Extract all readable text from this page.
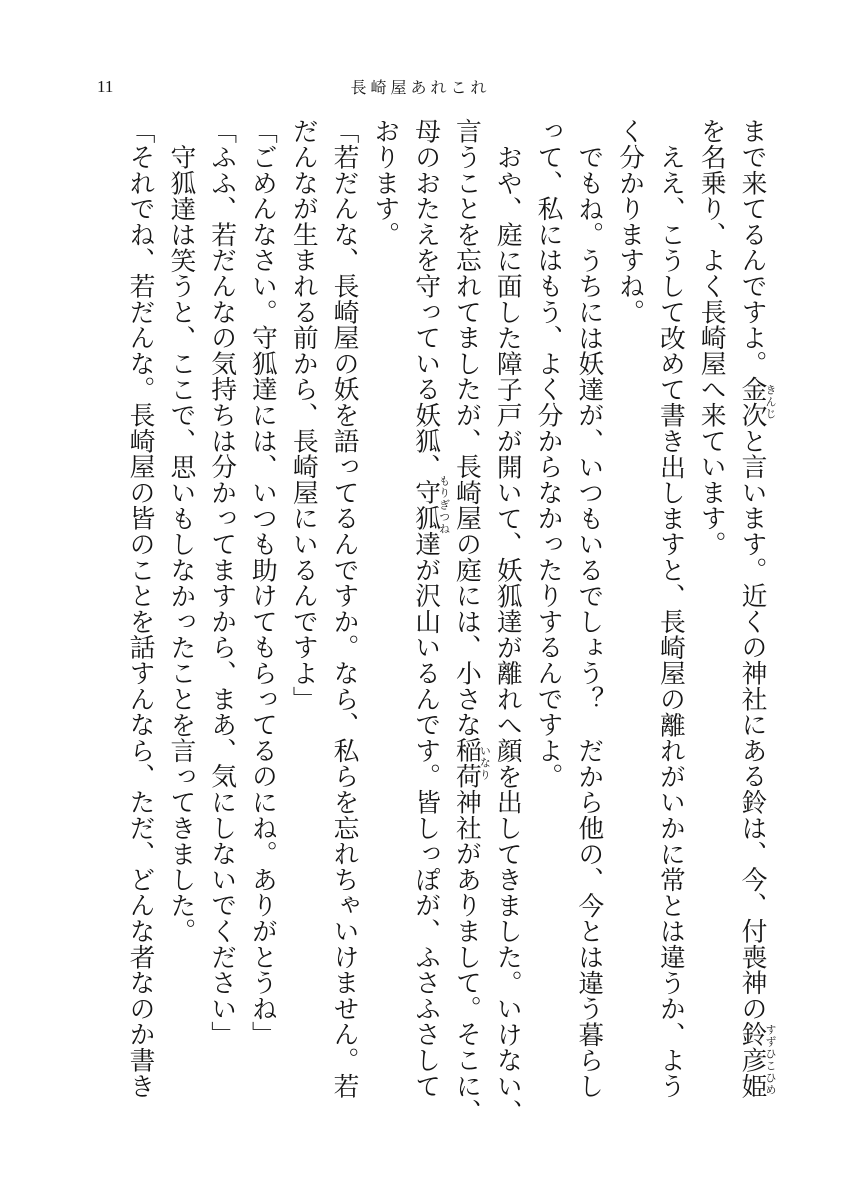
11	長崎屋あれこれ
まで来てるんですよ。金次
きんじ
と言います。近くの神社にある鈴は、今、付喪神の鈴彦姫
すずひこひめ
を名乗り、よく長崎屋へ来ています。
ええ、こうして改めて書き出しますと、長崎屋の離れがいかに常とは違うか、よう
く分かりますね。
でもね。うちには妖達が、いつもいるでしょう？　だから他の、今とは違う暮らし
って、私にはもう、よく分からなかったりするんですよ。
おや、庭に面した障子戸が開いて、妖狐達が離れへ顔を出してきました。いけない、
言うことを忘れてましたが、長崎屋の庭には、小さな稲荷
いなり
神社がありまして。そこに、
母のおたえを守っている妖狐、守狐
もりぎつね
達が沢山いるんです。皆しっぽが、ふさふさして
おります。
「若だんな、長崎屋の妖を語ってるんですか。なら、私らを忘れちゃいけません。若
だんなが生まれる前から、長崎屋にいるんですよ」
「ごめんなさい。守狐達には、いつも助けてもらってるのにね。ありがとうね」
「ふふ、若だんなの気持ちは分かってますから、まあ、気にしないでください」
守狐達は笑うと、ここで、思いもしなかったことを言ってきました。
「それでね、若だんな。長崎屋の皆のことを話すんなら、ただ、どんな者なのか書き
